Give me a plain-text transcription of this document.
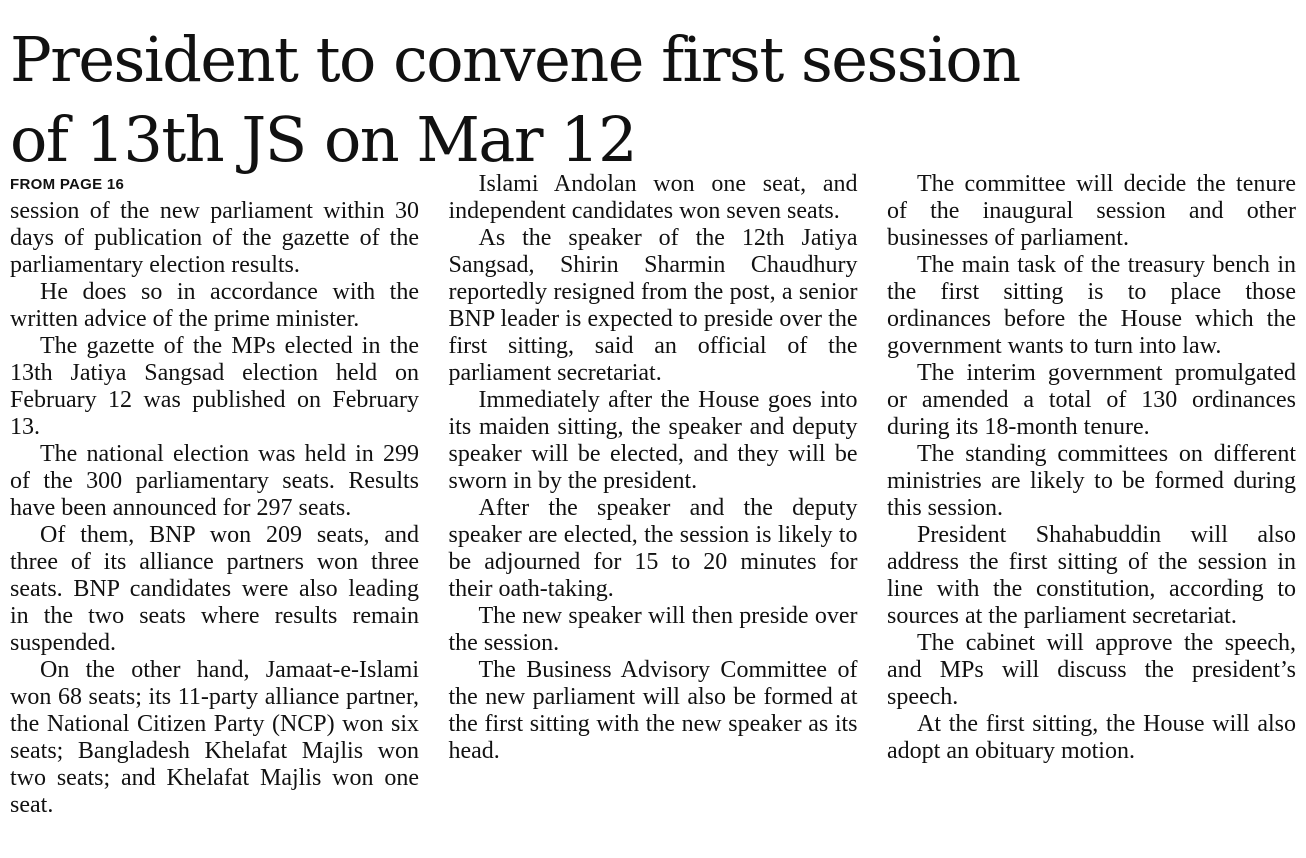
President to convene first session
of 13th JS on Mar 12
FROM PAGE 16

session of the new parliament within 30 days of publication of the gazette of the parliamentary election results.

He does so in accordance with the written advice of the prime minister.

The gazette of the MPs elected in the 13th Jatiya Sangsad election held on February 12 was published on February 13.

The national election was held in 299 of the 300 parliamentary seats. Results have been announced for 297 seats.

Of them, BNP won 209 seats, and three of its alliance partners won three seats. BNP candidates were also leading in the two seats where results remain suspended.

On the other hand, Jamaat-e-Islami won 68 seats; its 11-party alliance partner, the National Citizen Party (NCP) won six seats; Bangladesh Khelafat Majlis won two seats; and Khelafat Majlis won one seat.

Islami Andolan won one seat, and independent candidates won seven seats.

As the speaker of the 12th Jatiya Sangsad, Shirin Sharmin Chaudhury reportedly resigned from the post, a senior BNP leader is expected to preside over the first sitting, said an official of the parliament secretariat.

Immediately after the House goes into its maiden sitting, the speaker and deputy speaker will be elected, and they will be sworn in by the president.

After the speaker and the deputy speaker are elected, the session is likely to be adjourned for 15 to 20 minutes for their oath-taking.

The new speaker will then preside over the session.

The Business Advisory Committee of the new parliament will also be formed at the first sitting with the new speaker as its head.

The committee will decide the tenure of the inaugural session and other businesses of parliament.

The main task of the treasury bench in the first sitting is to place those ordinances before the House which the government wants to turn into law.

The interim government promulgated or amended a total of 130 ordinances during its 18-month tenure.

The standing committees on different ministries are likely to be formed during this session.

President Shahabuddin will also address the first sitting of the session in line with the constitution, according to sources at the parliament secretariat.

The cabinet will approve the speech, and MPs will discuss the president’s speech.

At the first sitting, the House will also adopt an obituary motion.
